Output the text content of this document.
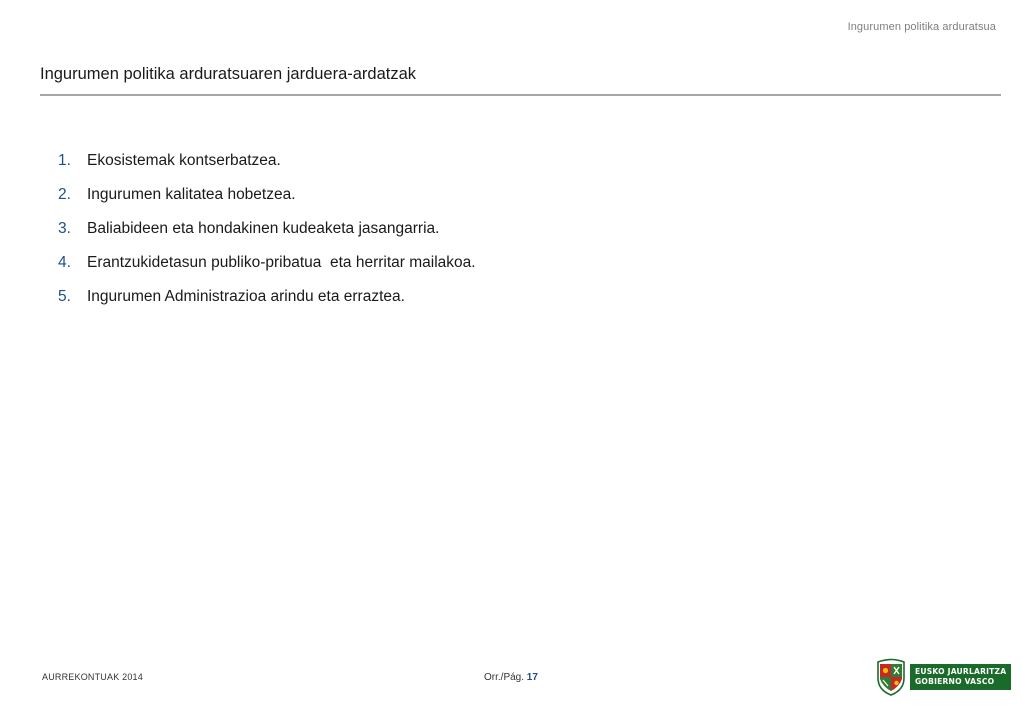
Ingurumen politika arduratsua
Ingurumen politika arduratsuaren jarduera-ardatzak
1.	Ekosistemak kontserbatzea.
2.	Ingurumen kalitatea hobetzea.
3.	Baliabideen eta hondakinen kudeaketa jasangarria.
4.	Erantzukidetasun publiko-pribatua  eta herritar mailakoa.
5.	Ingurumen Administrazioa arindu eta erraztea.
AURREKONTUAK 2014	Orr./Pág. 17
EUSKO JAURLARITZA
GOBIERNO VASCO
